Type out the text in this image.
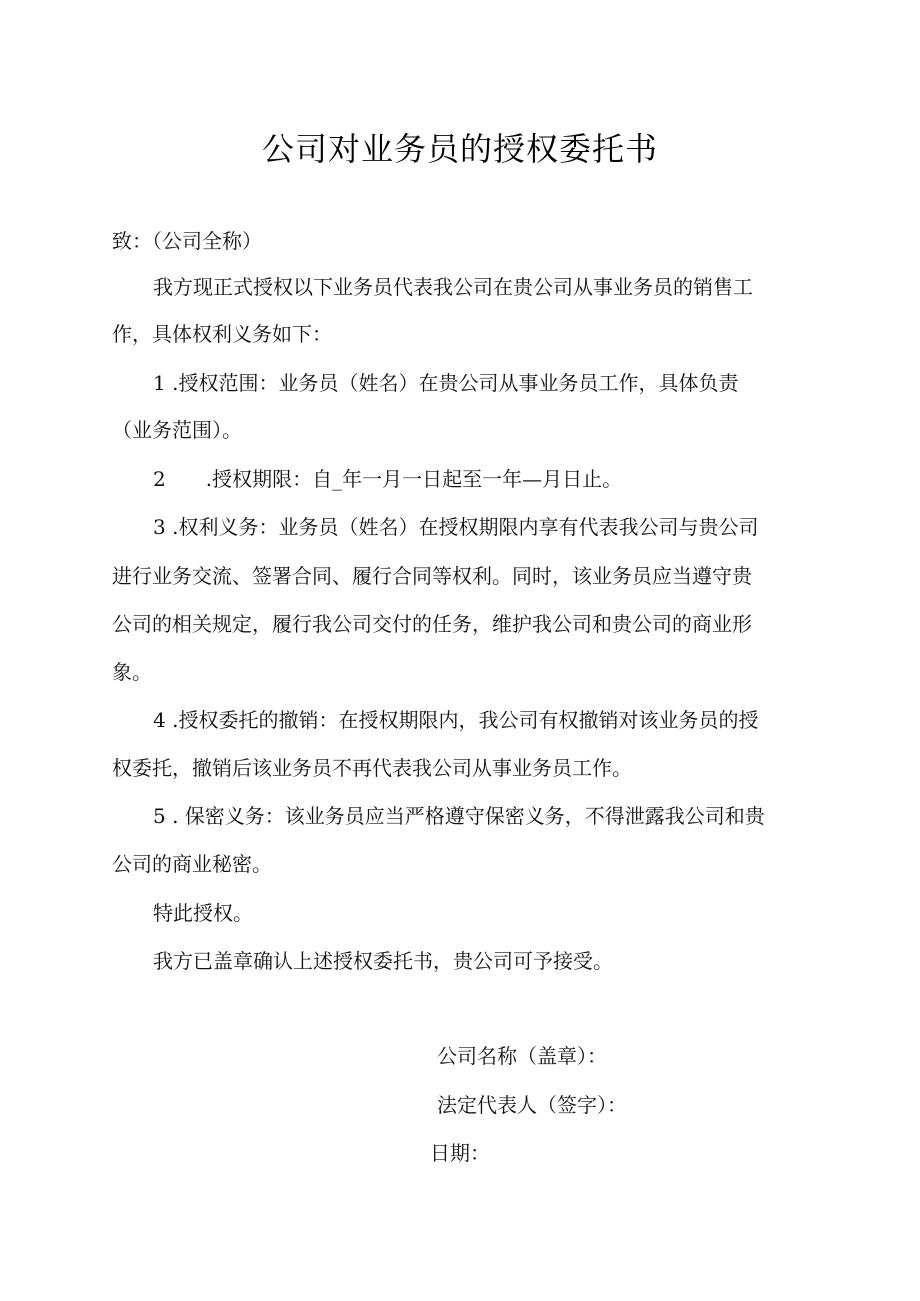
公司对业务员的授权委托书
致：（公司全称）
我方现正式授权以下业务员代表我公司在贵公司从事业务员的销售工
作，具体权利义务如下：
1 .授权范围：业务员（姓名）在贵公司从事业务员工作，具体负责
（业务范围）。
2　　.授权期限：自_年一月一日起至一年—月日止。
3 .权利义务：业务员（姓名）在授权期限内享有代表我公司与贵公司
进行业务交流、签署合同、履行合同等权利。同时，该业务员应当遵守贵
公司的相关规定，履行我公司交付的任务，维护我公司和贵公司的商业形
象。
4 .授权委托的撤销：在授权期限内，我公司有权撤销对该业务员的授
权委托，撤销后该业务员不再代表我公司从事业务员工作。
5 . 保密义务：该业务员应当严格遵守保密义务，不得泄露我公司和贵
公司的商业秘密。
特此授权。
我方已盖章确认上述授权委托书，贵公司可予接受。
公司名称（盖章）：
法定代表人（签字）：
日期：
